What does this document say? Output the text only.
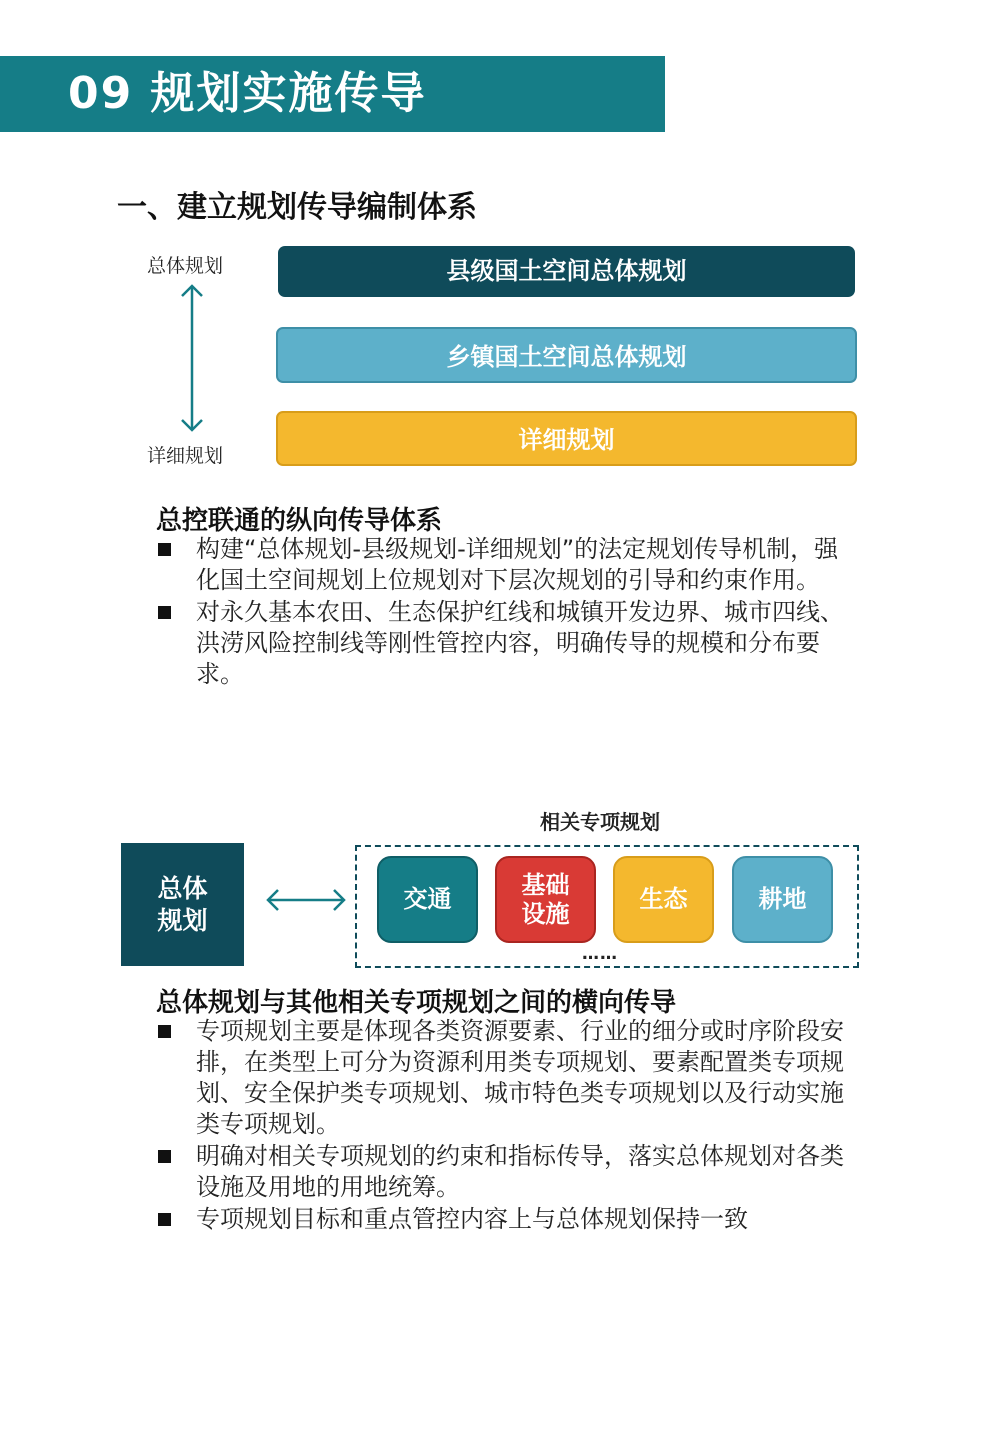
09 规划实施传导
一、建立规划传导编制体系
总体规划
详细规划
县级国土空间总体规划
乡镇国土空间总体规划
详细规划
总控联通的纵向传导体系
构建“总体规划-县级规划-详细规划”的法定规划传导机制，强化国土空间规划上位规划对下层次规划的引导和约束作用。
对永久基本农田、生态保护红线和城镇开发边界、城市四线、洪涝风险控制线等刚性管控内容，明确传导的规模和分布要求。
总体规划
相关专项规划
交通
基础设施
生态	耕地
……
总体规划与其他相关专项规划之间的横向传导
专项规划主要是体现各类资源要素、行业的细分或时序阶段安排，在类型上可分为资源利用类专项规划、要素配置类专项规划、安全保护类专项规划、城市特色类专项规划以及行动实施类专项规划。
明确对相关专项规划的约束和指标传导，落实总体规划对各类设施及用地的用地统筹。
专项规划目标和重点管控内容上与总体规划保持一致
